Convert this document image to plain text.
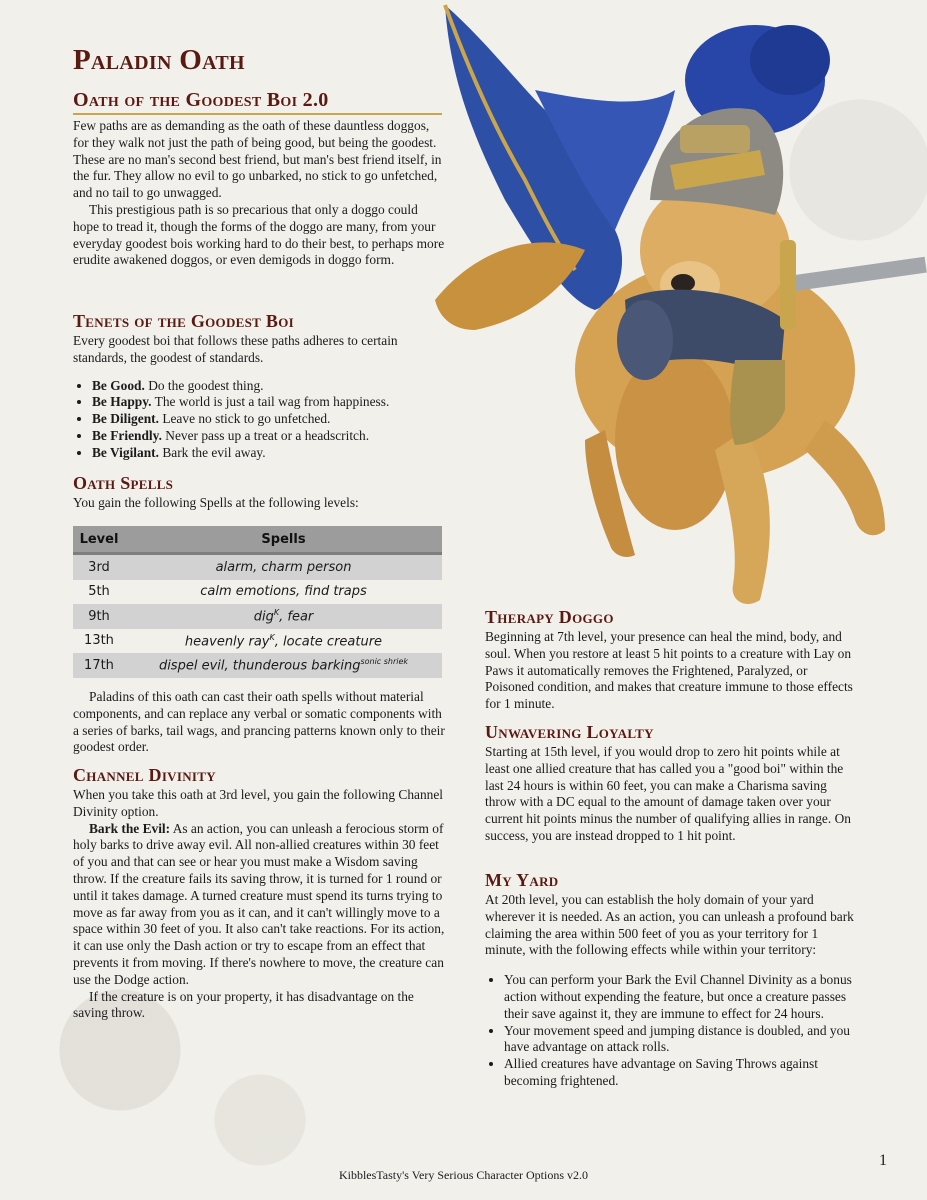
Paladin Oath
Oath of the Goodest Boi 2.0

Few paths are as demanding as the oath of these dauntless doggos, for they walk not just the path of being good, but being the goodest. These are no man's second best friend, but man's best friend itself, in the fur. They allow no evil to go unbarked, no stick to go unfetched, and no tail to go unwagged.

This prestigious path is so precarious that only a doggo could hope to tread it, though the forms of the doggo are many, from your everyday goodest bois working hard to do their best, to perhaps more erudite awakened doggos, or even demigods in doggo form.

Tenets of the Goodest Boi

Every goodest boi that follows these paths adheres to certain standards, the goodest of standards.

• Be Good. Do the goodest thing.
• Be Happy. The world is just a tail wag from happiness.
• Be Diligent. Leave no stick to go unfetched.
• Be Friendly. Never pass up a treat or a headscritch.
• Be Vigilant. Bark the evil away.
Oath Spells

You gain the following Spells at the following levels:

Level	Spells
3rd	alarm, charm person
5th	calm emotions, find traps
9th	dig$^K$, fear
13th	heavenly ray$^K$, locate creature
17th	dispel evil, thunderous barking$^{sonic shriek}$

Paladins of this oath can cast their oath spells without material components, and can replace any verbal or somatic components with a series of barks, tail wags, and prancing patterns known only to their goodest order.

Channel Divinity

When you take this oath at 3rd level, you gain the following Channel Divinity option.

Bark the Evil: As an action, you can unleash a ferocious storm of holy barks to drive away evil. All non-allied creatures within 30 feet of you and that can see or hear you must make a Wisdom saving throw. If the creature fails its saving throw, it is turned for 1 round or until it takes damage. A turned creature must spend its turns trying to move as far away from you as it can, and it can't willingly move to a space within 30 feet of you. It also can't take reactions. For its action, it can use only the Dash action or try to escape from an effect that prevents it from moving. If there's nowhere to move, the creature can use the Dodge action.

If the creature is on your property, it has disadvantage on the saving throw.

Therapy Doggo

Beginning at 7th level, your presence can heal the mind, body, and soul. When you restore at least 5 hit points to a creature with Lay on Paws it automatically removes the Frightened, Paralyzed, or Poisoned condition, and makes that creature immune to those effects for 1 minute.

Unwavering Loyalty

Starting at 15th level, if you would drop to zero hit points while at least one allied creature that has called you a "good boi" within the last 24 hours is within 60 feet, you can make a Charisma saving throw with a DC equal to the amount of damage taken over your current hit points minus the number of qualifying allies in range. On success, you are instead dropped to 1 hit point.

My Yard

At 20th level, you can establish the holy domain of your yard wherever it is needed. As an action, you can unleash a profound bark claiming the area within 500 feet of you as your territory for 1 minute, with the following effects while within your territory:

• You can perform your Bark the Evil Channel Divinity as a bonus action without expending the feature, but once a creature passes their save against it, they are immune to effect for 24 hours.
• Your movement speed and jumping distance is doubled, and you have advantage on attack rolls.
• Allied creatures have advantage on Saving Throws against becoming frightened.
KibblesTasty's Very Serious Character Options v2.0
1
